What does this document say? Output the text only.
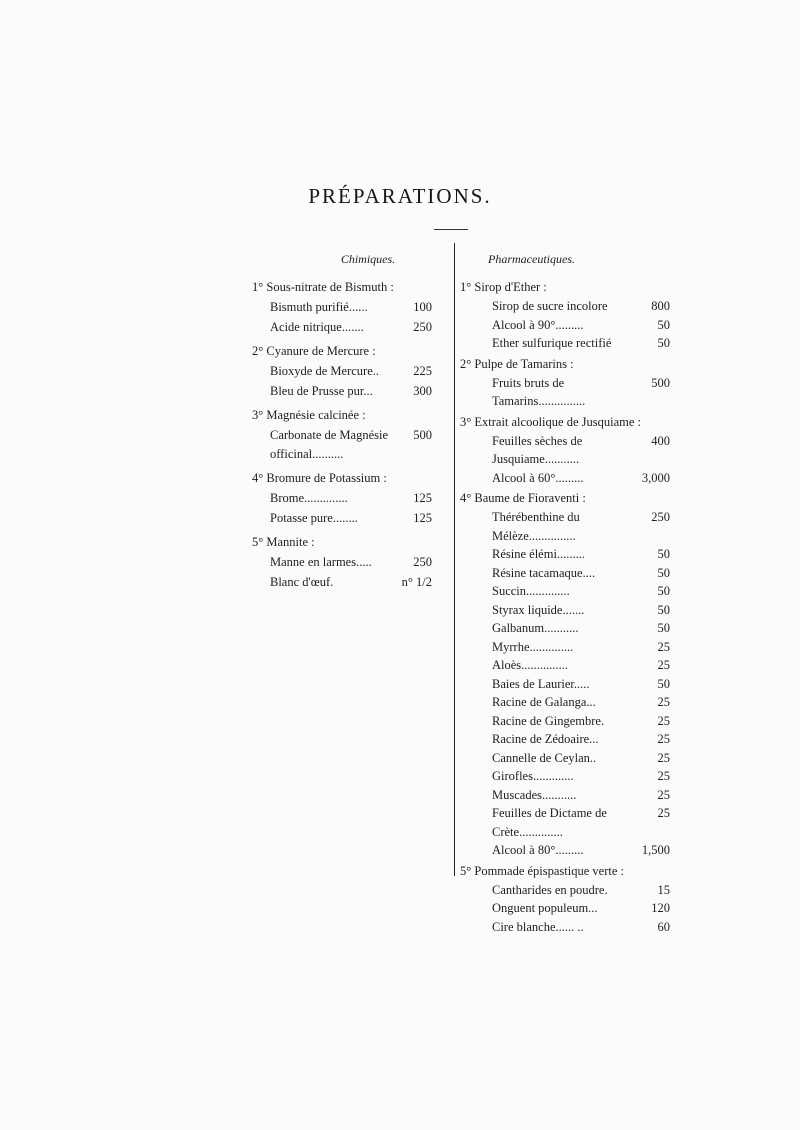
PRÉPARATIONS.
Chimiques.
1° Sous-nitrate de Bismuth :
Bismuth purifié......	100
Acide nitrique.......	250
2° Cyanure de Mercure :
Bioxyde de Mercure..	225
Bleu de Prusse pur...	300
3° Magnésie calcinée :
Carbonate de Magnésie officinal..........
500
4° Bromure de Potassium :
Brome..............	125
Potasse pure........	125
5° Mannite :
Manne en larmes.....	250
Blanc d'œuf.	n° 1/2
Pharmaceutiques.
1° Sirop d'Ether :
Sirop de sucre incolore	800
Alcool à 90°.........	50
Ether sulfurique rectifié	50
2° Pulpe de Tamarins :
Fruits bruts de Tamarins...............
500
3° Extrait alcoolique de Jusquiame :
Feuilles sèches de Jusquiame...........
400
Alcool à 60°.........	3,000
4° Baume de Fioraventi :
Thérébenthine du Mélèze...............
250
Résine élémi.........	50
Résine tacamaque....	50
Succin..............	50
Styrax liquide.......	50
Galbanum...........	50
Myrrhe..............	25
Aloès...............	25
Baies de Laurier.....	50
Racine de Galanga...	25
Racine de Gingembre.	25
Racine de Zédoaire...	25
Cannelle de Ceylan..	25
Girofles.............	25
Muscades...........	25
Feuilles de Dictame de Crète..............
25
Alcool à 80°.........	1,500
5° Pommade épispastique verte :
Cantharides en poudre.	15
Onguent populeum...	120
Cire blanche...... ..	60
